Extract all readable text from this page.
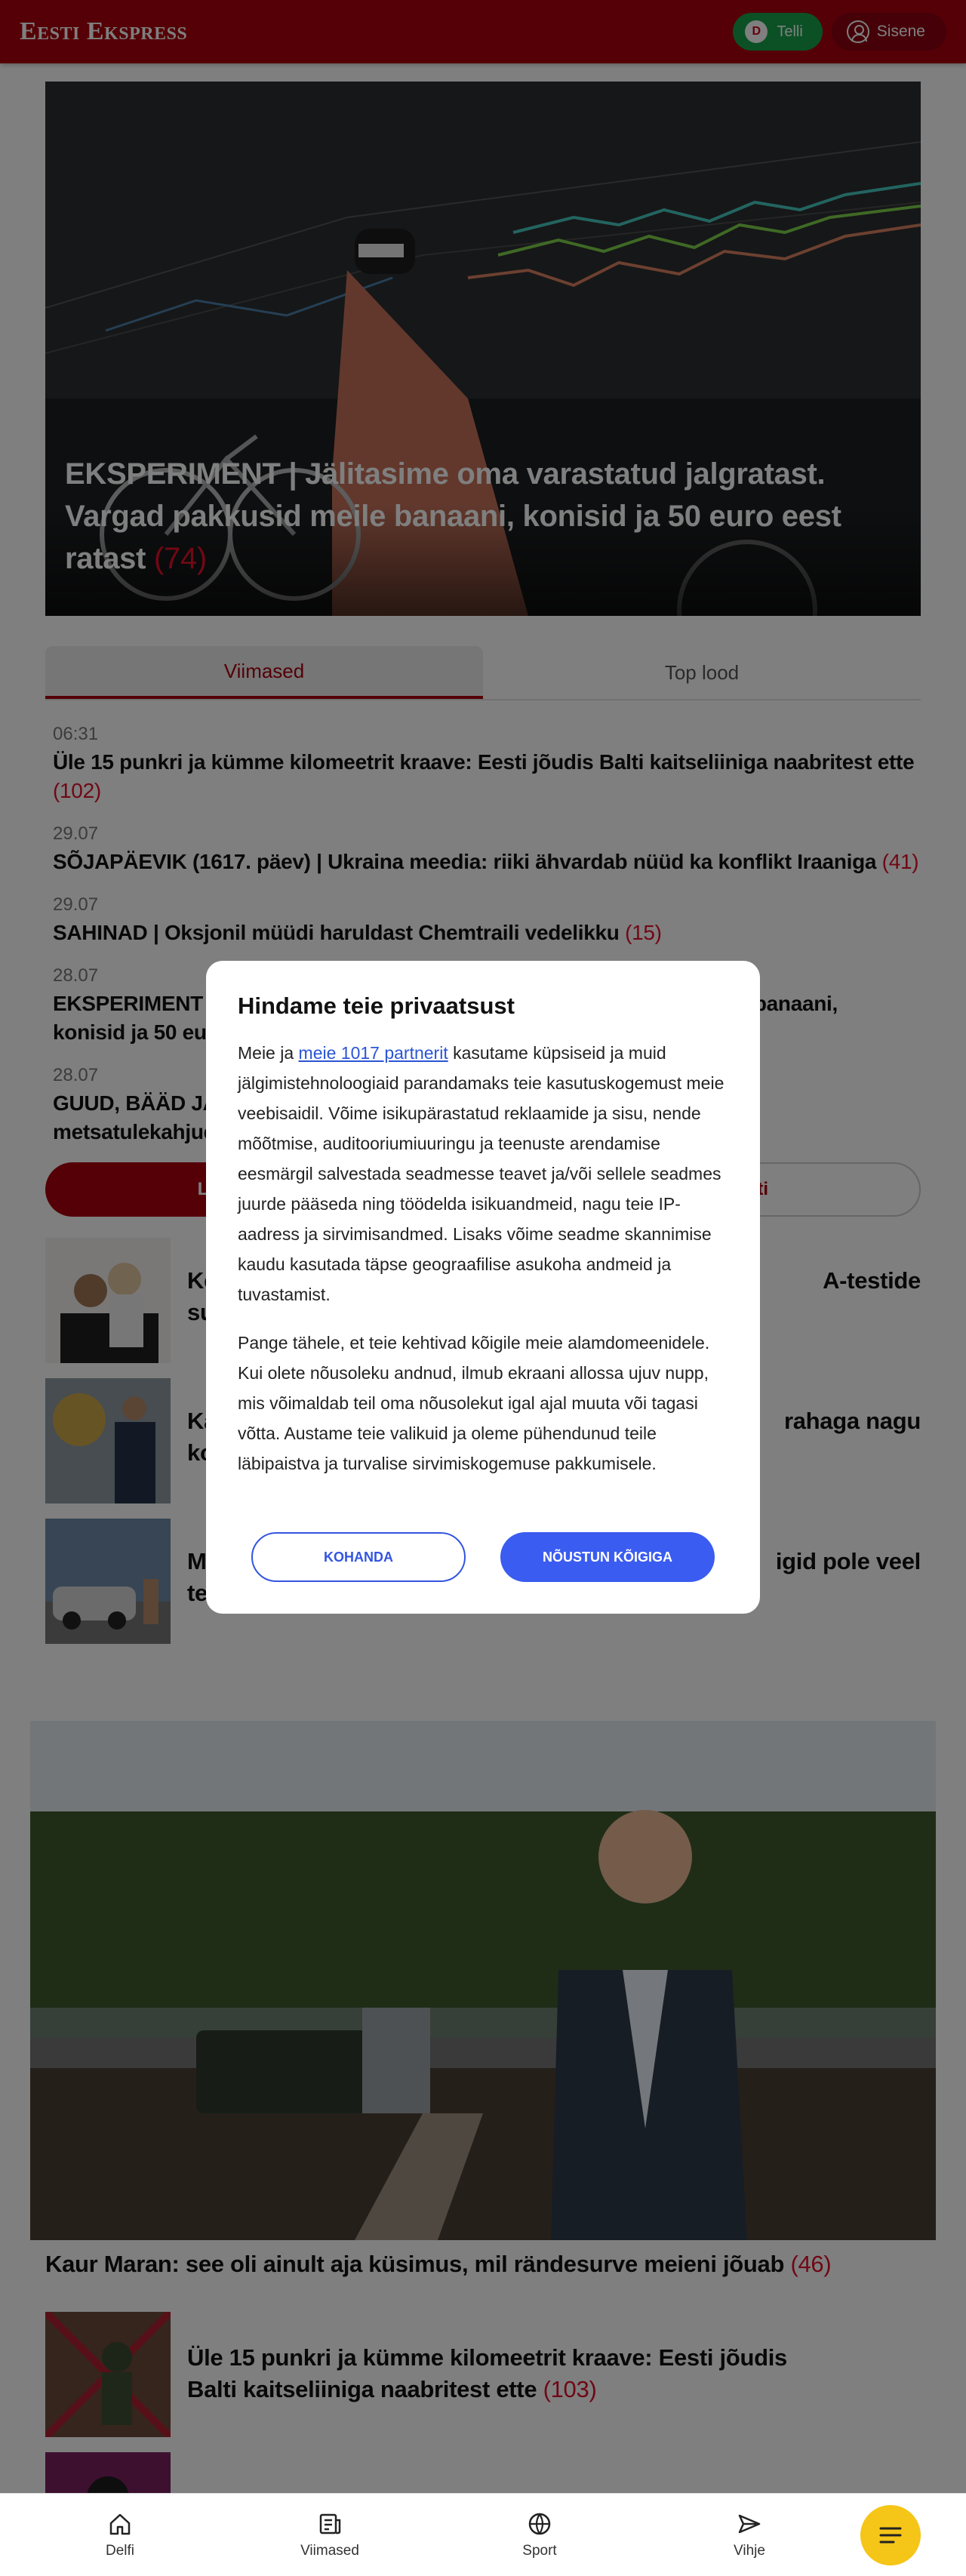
Hindame teie privaatsust

Meie ja meie 1017 partnerit kasutame küpsiseid ja muid jälgimistehnoloogiaid parandamaks teie kasutuskogemust meie veebisaidil. Võime isikupärastatud reklaamide ja sisu, nende mõõtmise, auditooriumiuuringu ja teenuste arendamise eesmärgil salvestada seadmesse teavet ja/või sellele seadmes juurde pääseda ning töödelda isikuandmeid, nagu teie IP-aadress ja sirvimisandmed. Lisaks võime seadme skannimise kaudu kasutada täpse geograafilise asukoha andmeid ja tuvastamist.

Pange tähele, et teie kehtivad kõigile meie alamdomeenidele. Kui olete nõusoleku andnud, ilmub ekraani allossa ujuv nupp, mis võimaldab teil oma nõusolekut igal ajal muuta või tagasi võtta. Austame teie valikuid ja oleme pühendunud teile läbipaistva ja turvalise sirvimiskogemuse pakkumisele.

KOHANDA	NÕUSTUN KÕIGIGA
Delfi	Viimased	Sport	Vihje
